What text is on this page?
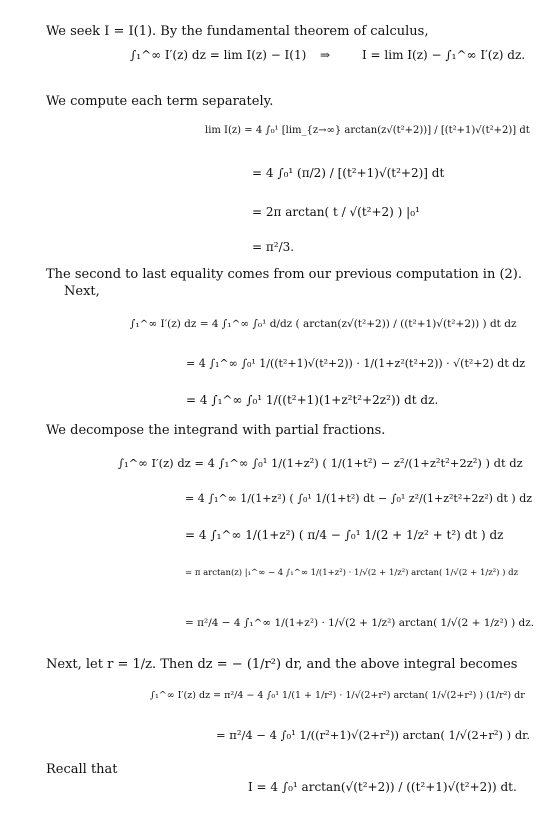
We seek I = I(1). By the fundamental theorem of calculus,
∫₁^∞ I′(z) dz = lim I(z) − I(1) ⇒	I = lim I(z) − ∫₁^∞ I′(z) dz.
We compute each term separately.
lim I(z) = 4 ∫₀¹ [lim_{z→∞} arctan(z√(t²+2))] / [(t²+1)√(t²+2)] dt
= 4 ∫₀¹ (π/2) / [(t²+1)√(t²+2)] dt
= 2π arctan( t / √(t²+2) ) |₀¹
= π²/3.
The second to last equality comes from our previous computation in (2).
Next,
∫₁^∞ I′(z) dz = 4 ∫₁^∞ ∫₀¹ d/dz ( arctan(z√(t²+2)) / ((t²+1)√(t²+2)) ) dt dz
= 4 ∫₁^∞ ∫₀¹ 1/((t²+1)√(t²+2)) · 1/(1+z²(t²+2)) · √(t²+2) dt dz
= 4 ∫₁^∞ ∫₀¹ 1/((t²+1)(1+z²t²+2z²)) dt dz.
We decompose the integrand with partial fractions.
∫₁^∞ I′(z) dz = 4 ∫₁^∞ ∫₀¹ 1/(1+z²) ( 1/(1+t²) − z²/(1+z²t²+2z²) ) dt dz
= 4 ∫₁^∞ 1/(1+z²) ( ∫₀¹ 1/(1+t²) dt − ∫₀¹ z²/(1+z²t²+2z²) dt ) dz
= 4 ∫₁^∞ 1/(1+z²) ( π/4 − ∫₀¹ 1/(2 + 1/z² + t²) dt ) dz
= π arctan(z) |₁^∞ − 4 ∫₁^∞ 1/(1+z²) · 1/√(2 + 1/z²) arctan( 1/√(2 + 1/z²) ) dz
= π²/4 − 4 ∫₁^∞ 1/(1+z²) · 1/√(2 + 1/z²) arctan( 1/√(2 + 1/z²) ) dz.
Next, let r = 1/z. Then dz = − (1/r²) dr, and the above integral becomes
∫₁^∞ I′(z) dz = π²/4 − 4 ∫₀¹ 1/(1 + 1/r²) · 1/√(2+r²) arctan( 1/√(2+r²) ) (1/r²) dr
= π²/4 − 4 ∫₀¹ 1/((r²+1)√(2+r²)) arctan( 1/√(2+r²) ) dr.
Recall that
I = 4 ∫₀¹ arctan(√(t²+2)) / ((t²+1)√(t²+2)) dt.
